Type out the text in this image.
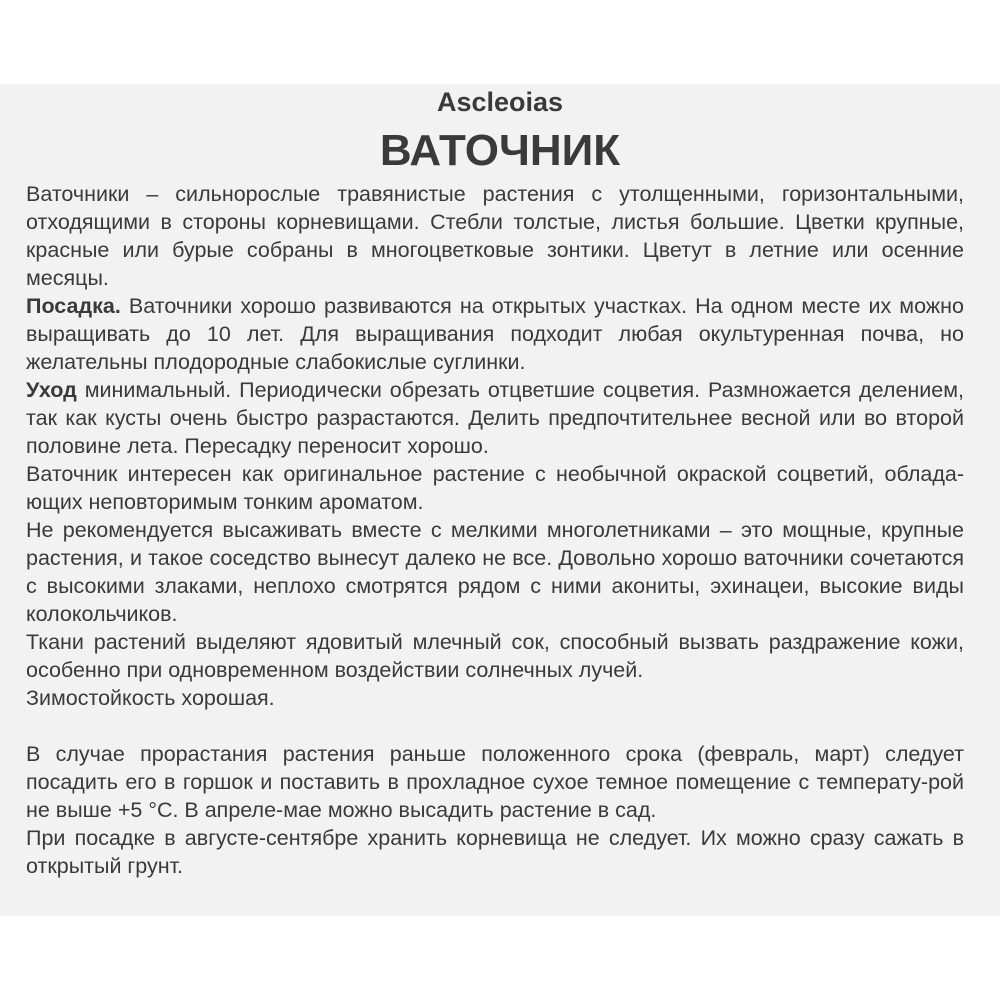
Ascleoias
ВАТОЧНИК

Ваточники – сильнорослые травянистые растения с утолщенными, горизонтальными, отходящими в стороны корневищами. Стебли толстые, листья большие. Цветки крупные, красные или бурые собраны в многоцветковые зонтики. Цветут в летние или осенние месяцы.

Посадка. Ваточники хорошо развиваются на открытых участках. На одном месте их можно выращивать до 10 лет. Для выращивания подходит любая окультуренная почва, но желательны плодородные слабокислые суглинки.

Уход минимальный. Периодически обрезать отцветшие соцветия. Размножается делением, так как кусты очень быстро разрастаются. Делить предпочтительнее весной или во второй половине лета. Пересадку переносит хорошо.

Ваточник интересен как оригинальное растение с необычной окраской соцветий, облада-ющих неповторимым тонким ароматом.

Не рекомендуется высаживать вместе с мелкими многолетниками – это мощные, крупные растения, и такое соседство вынесут далеко не все. Довольно хорошо ваточники сочетаются с высокими злаками, неплохо смотрятся рядом с ними акониты, эхинацеи, высокие виды колокольчиков.

Ткани растений выделяют ядовитый млечный сок, способный вызвать раздражение кожи, особенно при одновременном воздействии солнечных лучей.

Зимостойкость хорошая.

В случае прорастания растения раньше положенного срока (февраль, март) следует посадить его в горшок и поставить в прохладное сухое темное помещение с температу-рой не выше +5 °С. В апреле-мае можно высадить растение в сад.

При посадке в августе-сентябре хранить корневища не следует. Их можно сразу сажать в открытый грунт.
